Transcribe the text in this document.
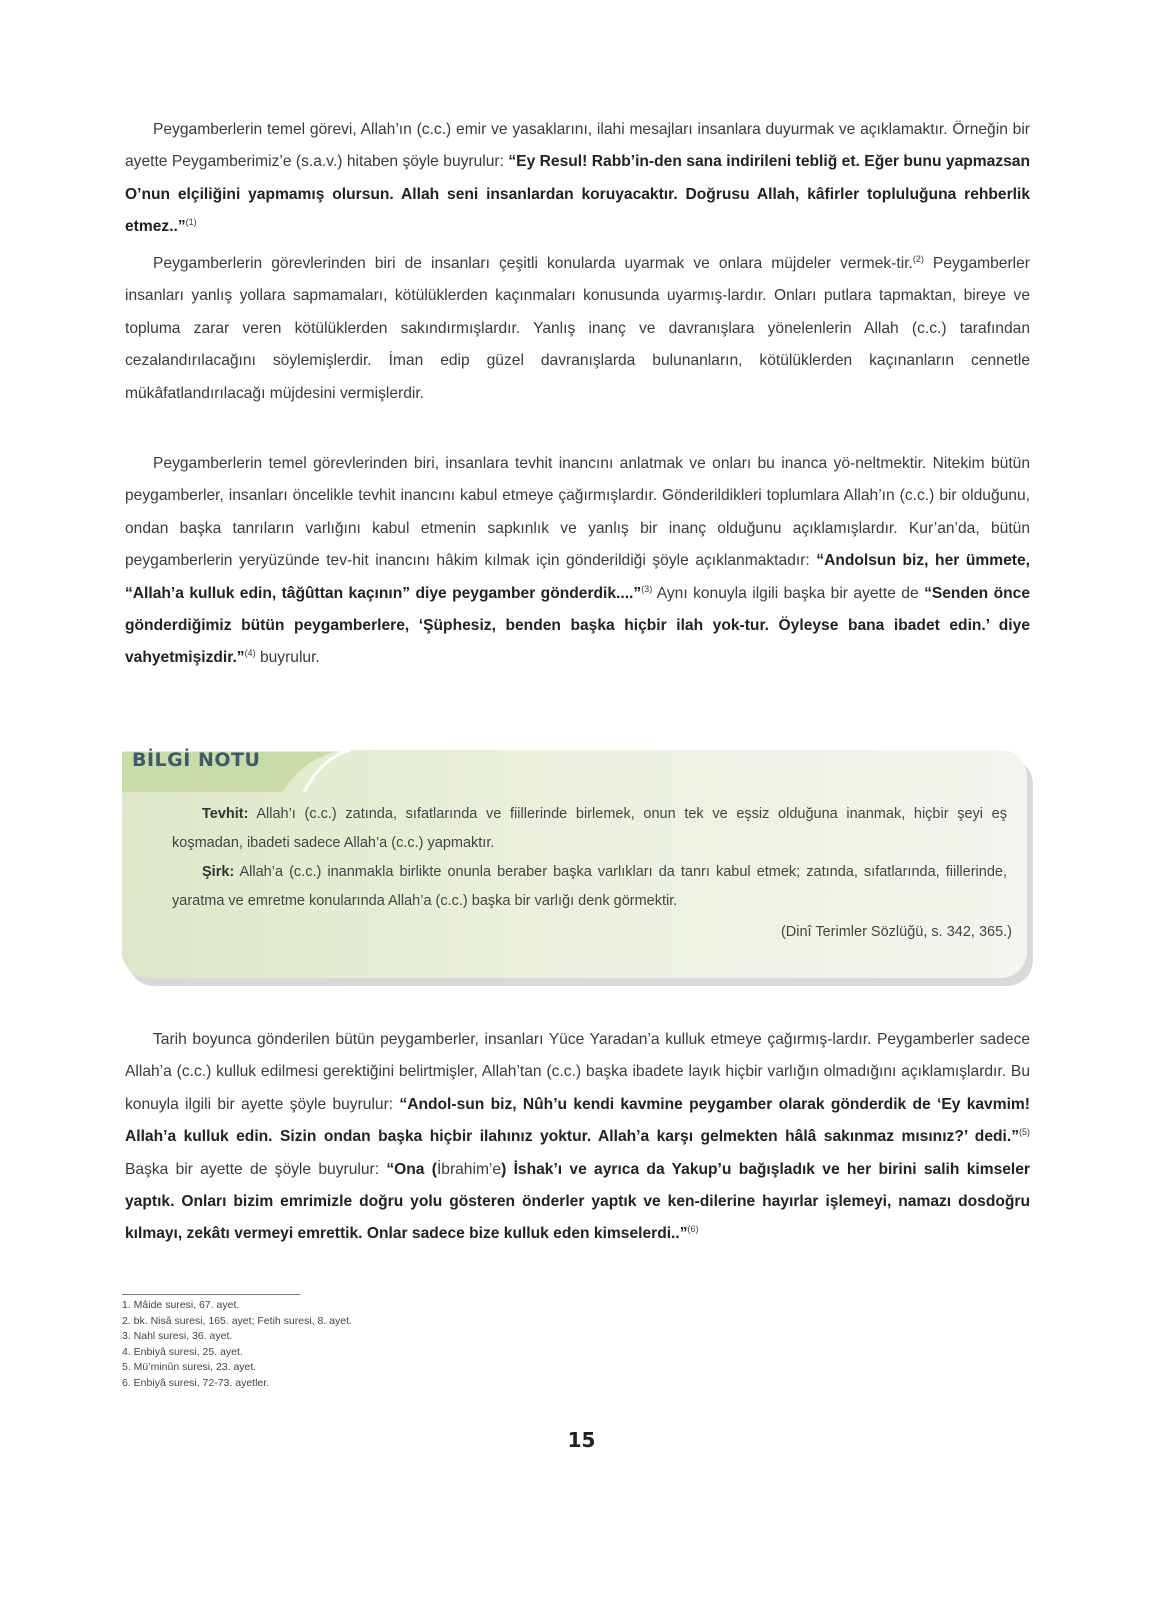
Peygamberlerin temel görevi, Allah’ın (c.c.) emir ve yasaklarını, ilahi mesajları insanlara duyurmak ve açıklamaktır. Örneğin bir ayette Peygamberimiz’e (s.a.v.) hitaben şöyle buyrulur: “Ey Resul! Rabb’in-den sana indirileni tebliğ et. Eğer bunu yapmazsan O’nun elçiliğini yapmamış olursun. Allah seni insanlardan koruyacaktır. Doğrusu Allah, kâfirler topluluğuna rehberlik etmez..”$^{(1)}$

Peygamberlerin görevlerinden biri de insanları çeşitli konularda uyarmak ve onlara müjdeler vermek-tir.$^{(2)}$ Peygamberler insanları yanlış yollara sapmamaları, kötülüklerden kaçınmaları konusunda uyarmış-lardır. Onları putlara tapmaktan, bireye ve topluma zarar veren kötülüklerden sakındırmışlardır. Yanlış inanç ve davranışlara yönelenlerin Allah (c.c.) tarafından cezalandırılacağını söylemişlerdir. İman edip güzel davranışlarda bulunanların, kötülüklerden kaçınanların cennetle mükâfatlandırılacağı müjdesini vermişlerdir.

Peygamberlerin temel görevlerinden biri, insanlara tevhit inancını anlatmak ve onları bu inanca yö-neltmektir. Nitekim bütün peygamberler, insanları öncelikle tevhit inancını kabul etmeye çağırmışlardır. Gönderildikleri toplumlara Allah’ın (c.c.) bir olduğunu, ondan başka tanrıların varlığını kabul etmenin sapkınlık ve yanlış bir inanç olduğunu açıklamışlardır. Kur’an’da, bütün peygamberlerin yeryüzünde tev-hit inancını hâkim kılmak için gönderildiği şöyle açıklanmaktadır: “Andolsun biz, her ümmete, “Allah’a kulluk edin, tâğûttan kaçının” diye peygamber gönderdik....”$^{(3)}$ Aynı konuyla ilgili başka bir ayette de “Senden önce gönderdiğimiz bütün peygamberlere, ‘Şüphesiz, benden başka hiçbir ilah yok-tur. Öyleyse bana ibadet edin.’ diye vahyetmişizdir.”$^{(4)}$ buyrulur.

BİLGİ NOTU
Tevhit: Allah’ı (c.c.) zatında, sıfatlarında ve fiillerinde birlemek, onun tek ve eşsiz olduğuna inanmak, hiçbir şeyi eş koşmadan, ibadeti sadece Allah’a (c.c.) yapmaktır.
Şirk: Allah’a (c.c.) inanmakla birlikte onunla beraber başka varlıkları da tanrı kabul etmek; zatında, sıfatlarında, fiillerinde, yaratma ve emretme konularında Allah’a (c.c.) başka bir varlığı denk görmektir.
(Dinî Terimler Sözlüğü, s. 342, 365.)

Tarih boyunca gönderilen bütün peygamberler, insanları Yüce Yaradan’a kulluk etmeye çağırmış-lardır. Peygamberler sadece Allah’a (c.c.) kulluk edilmesi gerektiğini belirtmişler, Allah’tan (c.c.) başka ibadete layık hiçbir varlığın olmadığını açıklamışlardır. Bu konuyla ilgili bir ayette şöyle buyrulur: “Andol-sun biz, Nûh’u kendi kavmine peygamber olarak gönderdik de ‘Ey kavmim! Allah’a kulluk edin. Sizin ondan başka hiçbir ilahınız yoktur. Allah’a karşı gelmekten hâlâ sakınmaz mısınız?’ dedi.”$^{(5)}$ Başka bir ayette de şöyle buyrulur: “Ona (İbrahim’e) İshak’ı ve ayrıca da Yakup’u bağışladık ve her birini salih kimseler yaptık. Onları bizim emrimizle doğru yolu gösteren önderler yaptık ve ken-dilerine hayırlar işlemeyi, namazı dosdoğru kılmayı, zekâtı vermeyi emrettik. Onlar sadece bize kulluk eden kimselerdi..”$^{(6)}$

1. Mâide suresi, 67. ayet.
2. bk. Nisâ suresi, 165. ayet; Fetih suresi, 8. ayet.
3. Nahl suresi, 36. ayet.
4. Enbiyâ suresi, 25. ayet.
5. Mü’minûn suresi, 23. ayet.
6. Enbiyâ suresi, 72-73. ayetler.
15
